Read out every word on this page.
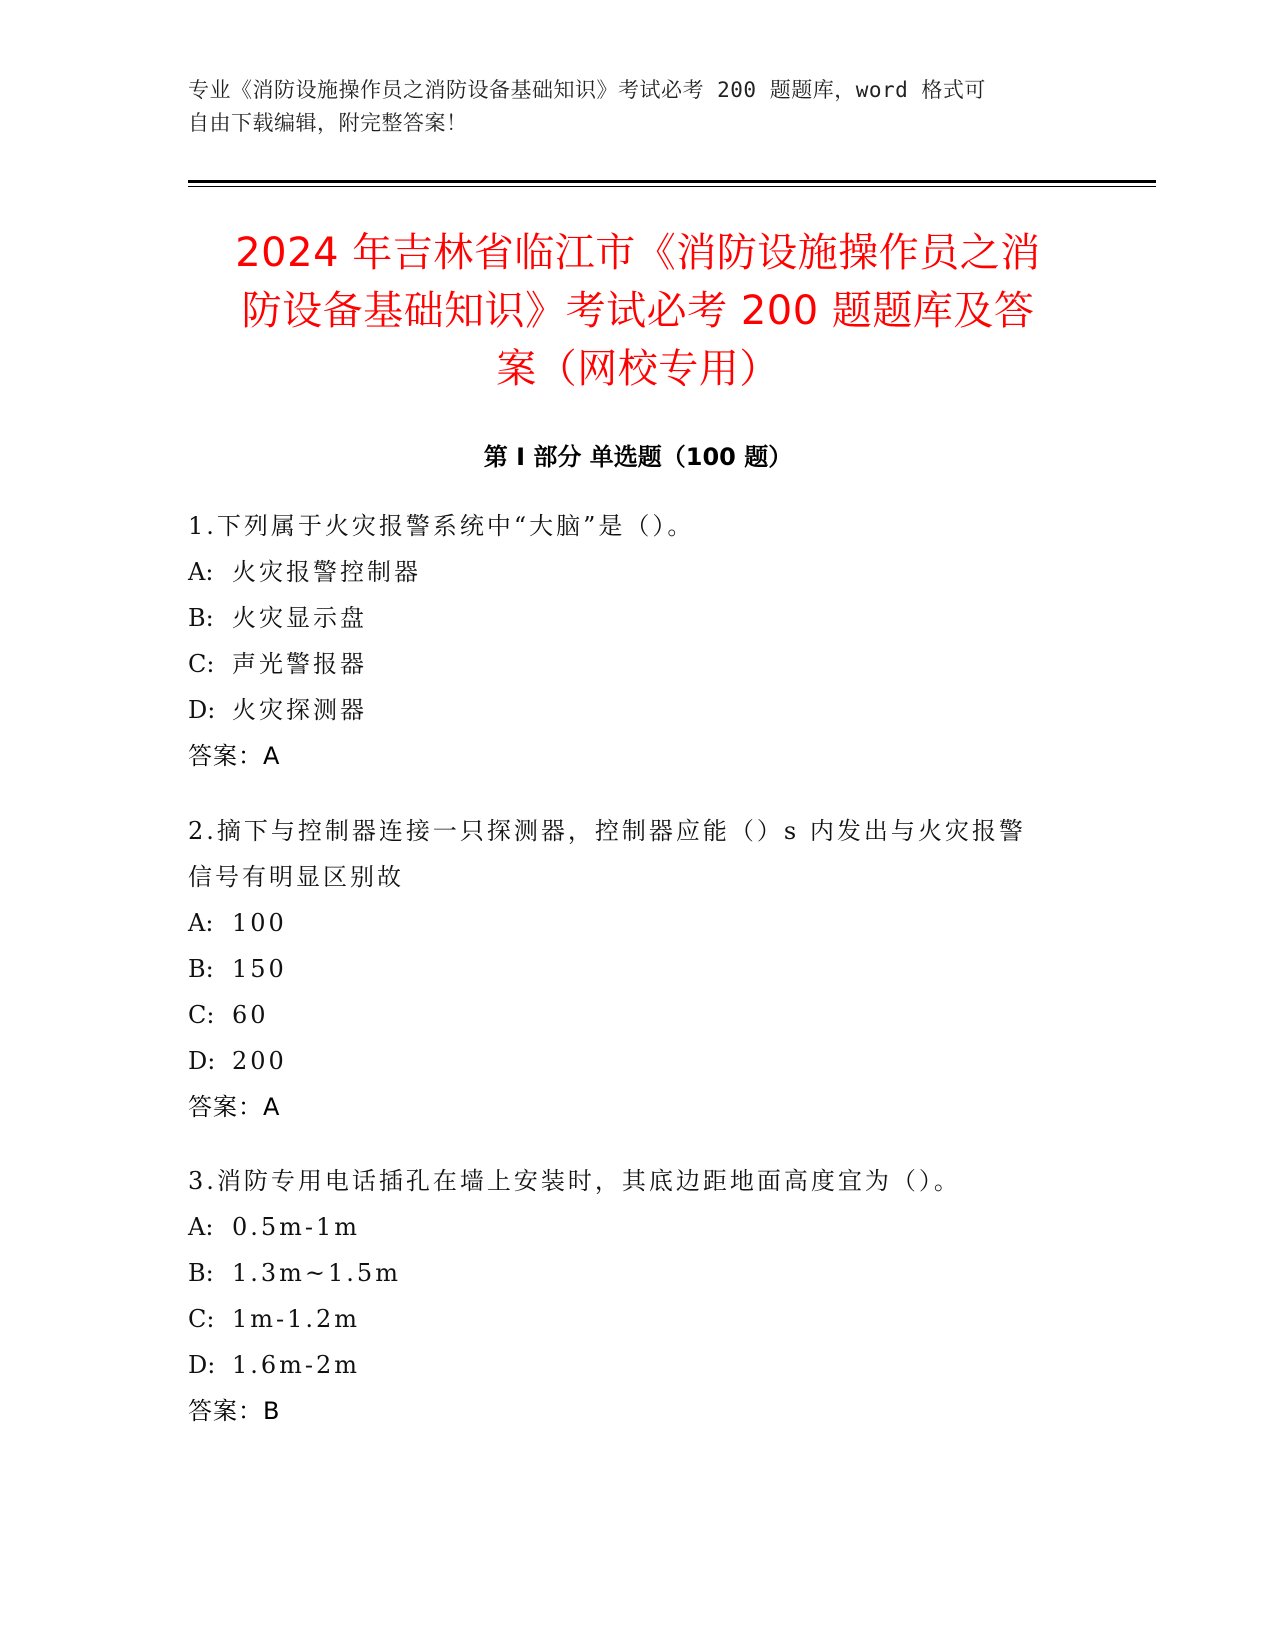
专业《消防设施操作员之消防设备基础知识》考试必考 200 题题库，word 格式可
自由下载编辑，附完整答案！
2024 年吉林省临江市《消防设施操作员之消
防设备基础知识》考试必考 200 题题库及答
案（网校专用）
第 I 部分 单选题（100 题）
1.下列属于火灾报警系统中“大脑”是（）。
A: 火灾报警控制器
B: 火灾显示盘
C: 声光警报器
D: 火灾探测器
答案：A
2.摘下与控制器连接一只探测器，控制器应能（）s 内发出与火灾报警
信号有明显区别故
A: 100
B: 150
C: 60
D: 200
答案：A
3.消防专用电话插孔在墙上安装时，其底边距地面高度宜为（）。
A: 0.5m-1m
B: 1.3m~1.5m
C: 1m-1.2m
D: 1.6m-2m
答案：B
